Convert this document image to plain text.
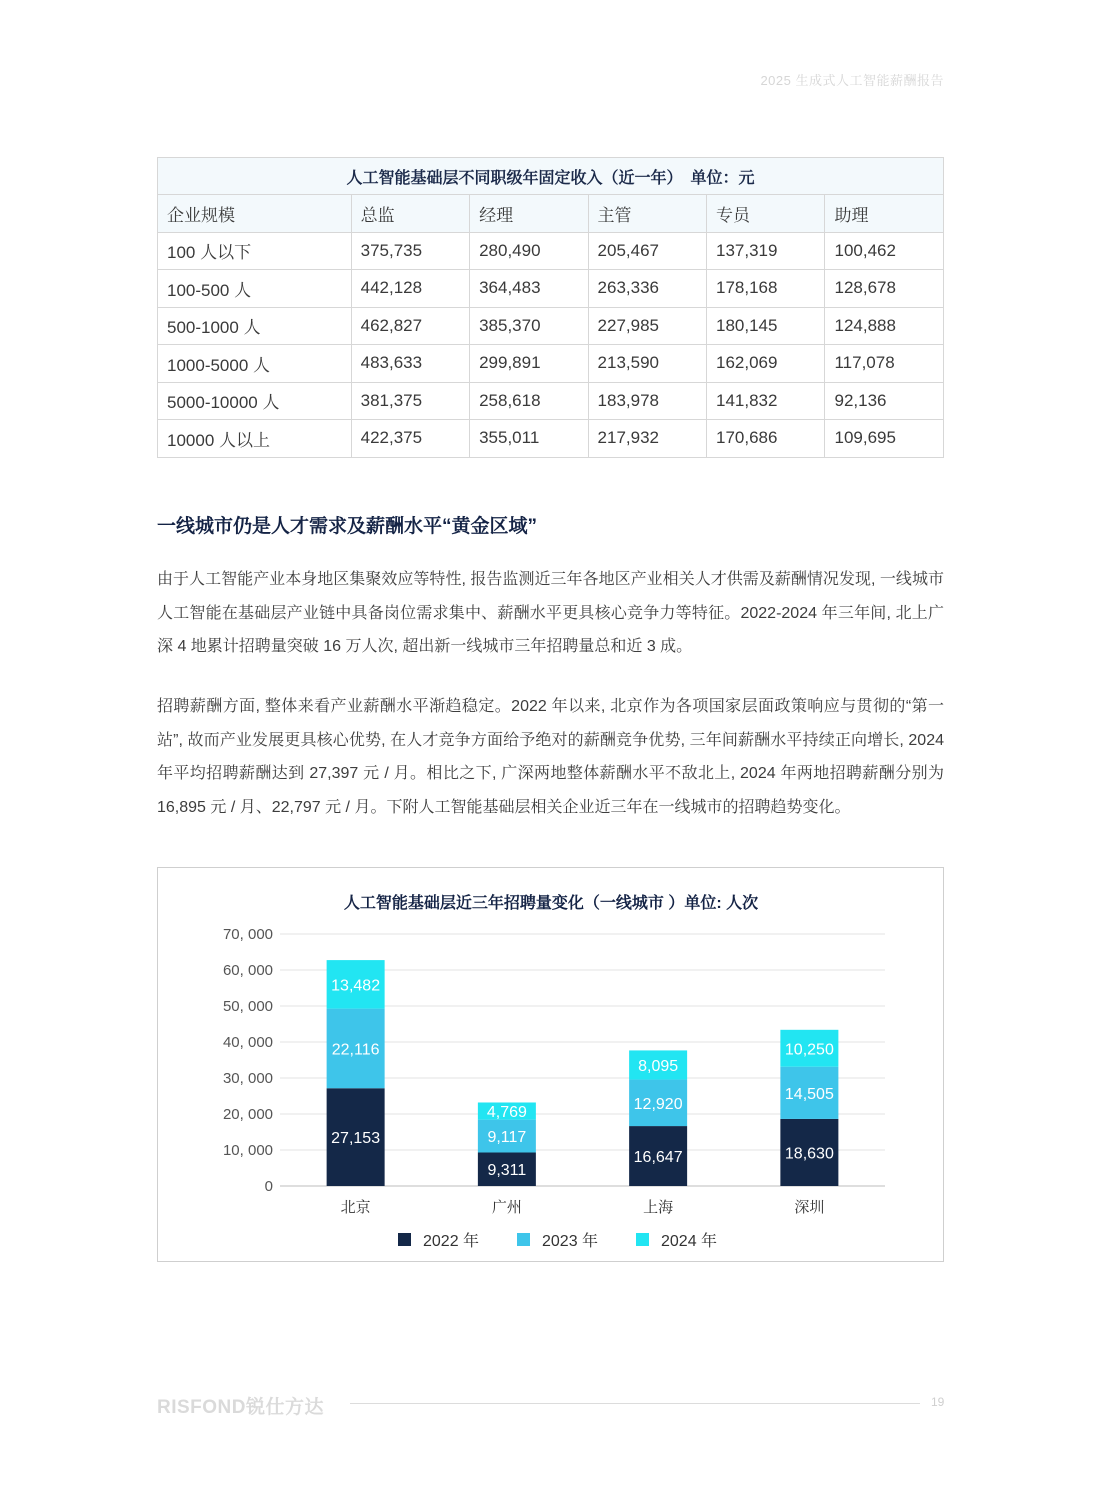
2025 生成式人工智能薪酬报告
人工智能基础层不同职级年固定收入（近一年）　单位：元					
企业规模	总监	经理	主管	专员	助理
100 人以下	375,735	280,490	205,467	137,319	100,462
100-500 人	442,128	364,483	263,336	178,168	128,678
500-1000 人	462,827	385,370	227,985	180,145	124,888
1000-5000 人	483,633	299,891	213,590	162,069	117,078
5000-10000 人	381,375	258,618	183,978	141,832	92,136
10000 人以上	422,375	355,011	217,932	170,686	109,695
一线城市仍是人才需求及薪酬水平“黄金区域”

由于人工智能产业本身地区集聚效应等特性, 报告监测近三年各地区产业相关人才供需及薪酬情况发现, 一线城市人工智能在基础层产业链中具备岗位需求集中、薪酬水平更具核心竞争力等特征。2022-2024 年三年间, 北上广深 4 地累计招聘量突破 16 万人次, 超出新一线城市三年招聘量总和近 3 成。

招聘薪酬方面, 整体来看产业薪酬水平渐趋稳定。2022 年以来, 北京作为各项国家层面政策响应与贯彻的“第一站”, 故而产业发展更具核心优势, 在人才竞争方面给予绝对的薪酬竞争优势, 三年间薪酬水平持续正向增长, 2024 年平均招聘薪酬达到 27,397 元 / 月。相比之下, 广深两地整体薪酬水平不敌北上, 2024 年两地招聘薪酬分别为 16,895 元 / 月、22,797 元 / 月。下附人工智能基础层相关企业近三年在一线城市的招聘趋势变化。

人工智能基础层近三年招聘量变化（一线城市 ）单位: 人次
0
10, 000
20, 000
30, 000
40, 000
50, 000
60, 000
70, 000
27,153
22,116
13,482
北京
9,311
9,117
4,769
广州
16,647
12,920
8,095
上海
18,630
14,505
10,250
深圳
2022 年	2023 年	2024 年
RISFOND锐仕方达	19
